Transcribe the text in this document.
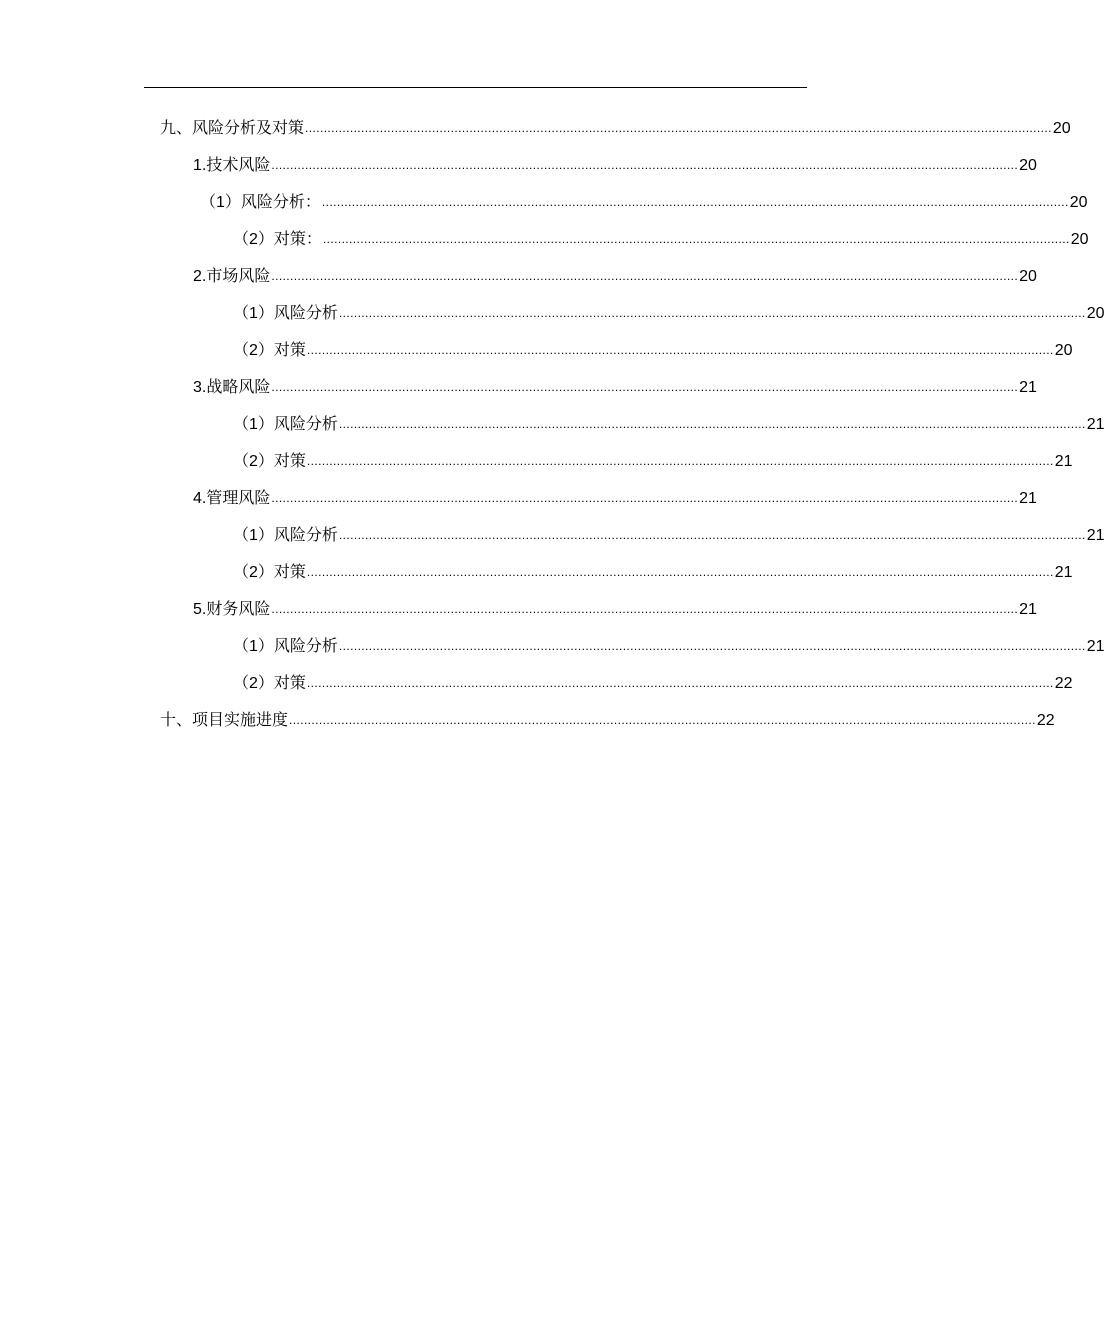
九、 风险分析及对策 ........................................................................................................................................................................................................ 20
1.技术风险 ........................................................................................................................................................................................................ 20
（1）风险分析： ........................................................................................................................................................................................................ 20
（2）对策： ........................................................................................................................................................................................................ 20
2.市场风险 ........................................................................................................................................................................................................ 20
（1）风险分析 ........................................................................................................................................................................................................ 20
（2）对策 ........................................................................................................................................................................................................ 20
3.战略风险 ........................................................................................................................................................................................................ 21
（1）风险分析 ........................................................................................................................................................................................................ 21
（2）对策 ........................................................................................................................................................................................................ 21
4.管理风险 ........................................................................................................................................................................................................ 21
（1）风险分析 ........................................................................................................................................................................................................ 21
（2）对策 ........................................................................................................................................................................................................ 21
5.财务风险 ........................................................................................................................................................................................................ 21
（1）风险分析 ........................................................................................................................................................................................................ 21
（2）对策 ........................................................................................................................................................................................................ 22
十、项目实施进度 ........................................................................................................................................................................................................ 22
